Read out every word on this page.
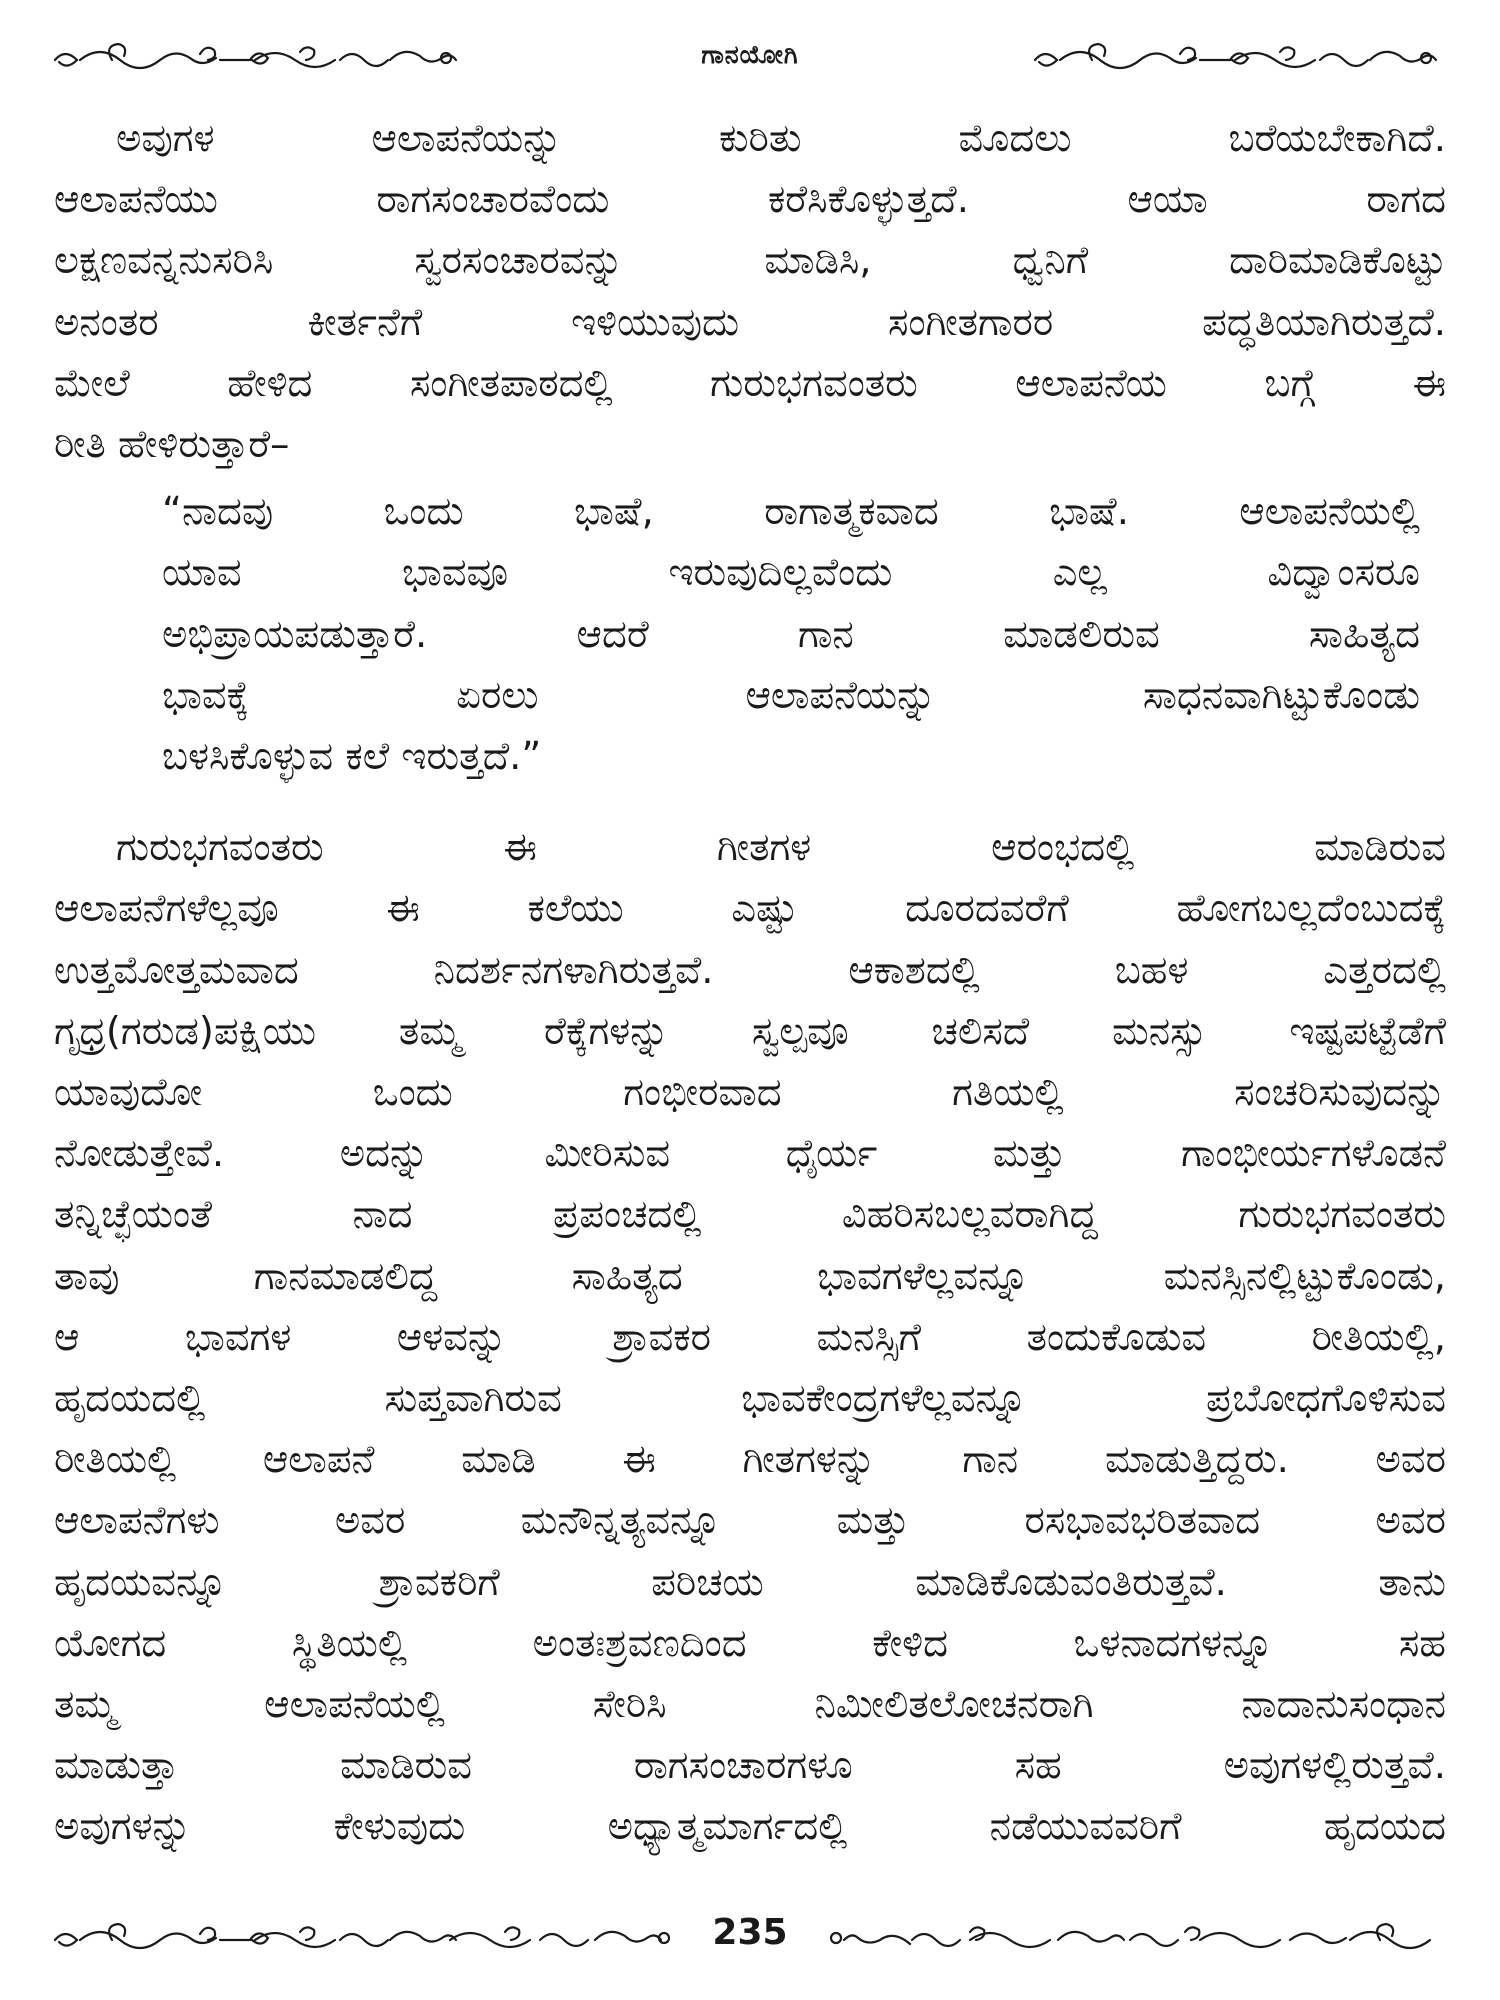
ಗಾನಯೋಗಿ
ಅವುಗಳ ಆಲಾಪನೆಯನ್ನು ಕುರಿತು ಮೊದಲು ಬರೆಯಬೇಕಾಗಿದೆ.
ಆಲಾಪನೆಯು ರಾಗಸಂಚಾರವೆಂದು ಕರೆಸಿಕೊಳ್ಳುತ್ತದೆ. ಆಯಾ ರಾಗದ
ಲಕ್ಷಣವನ್ನನುಸರಿಸಿ ಸ್ವರಸಂಚಾರವನ್ನು ಮಾಡಿಸಿ, ಧ್ವನಿಗೆ ದಾರಿಮಾಡಿಕೊಟ್ಟು
ಅನಂತರ ಕೀರ್ತನೆಗೆ ಇಳಿಯುವುದು ಸಂಗೀತಗಾರರ ಪದ್ಧತಿಯಾಗಿರುತ್ತದೆ.
ಮೇಲೆ ಹೇಳಿದ ಸಂಗೀತಪಾಠದಲ್ಲಿ ಗುರುಭಗವಂತರು ಆಲಾಪನೆಯ ಬಗ್ಗೆ ಈ
ರೀತಿ ಹೇಳಿರುತ್ತಾರೆ–
“ನಾದವು ಒಂದು ಭಾಷೆ, ರಾಗಾತ್ಮಕವಾದ ಭಾಷೆ. ಆಲಾಪನೆಯಲ್ಲಿ
ಯಾವ ಭಾವವೂ ಇರುವುದಿಲ್ಲವೆಂದು ಎಲ್ಲ ವಿದ್ವಾಂಸರೂ
ಅಭಿಪ್ರಾಯಪಡುತ್ತಾರೆ. ಆದರೆ ಗಾನ ಮಾಡಲಿರುವ ಸಾಹಿತ್ಯದ
ಭಾವಕ್ಕೆ ಏರಲು ಆಲಾಪನೆಯನ್ನು ಸಾಧನವಾಗಿಟ್ಟುಕೊಂಡು
ಬಳಸಿಕೊಳ್ಳುವ ಕಲೆ ಇರುತ್ತದೆ.”
ಗುರುಭಗವಂತರು ಈ ಗೀತಗಳ ಆರಂಭದಲ್ಲಿ ಮಾಡಿರುವ
ಆಲಾಪನೆಗಳೆಲ್ಲವೂ ಈ ಕಲೆಯು ಎಷ್ಟು ದೂರದವರೆಗೆ ಹೋಗಬಲ್ಲದೆಂಬುದಕ್ಕೆ
ಉತ್ತಮೋತ್ತಮವಾದ ನಿದರ್ಶನಗಳಾಗಿರುತ್ತವೆ. ಆಕಾಶದಲ್ಲಿ ಬಹಳ ಎತ್ತರದಲ್ಲಿ
ಗೃಧ್ರ(ಗರುಡ)ಪಕ್ಷಿಯು ತಮ್ಮ ರೆಕ್ಕೆಗಳನ್ನು ಸ್ವಲ್ಪವೂ ಚಲಿಸದೆ ಮನಸ್ಸು ಇಷ್ಟಪಟ್ಟೆಡೆಗೆ
ಯಾವುದೋ ಒಂದು ಗಂಭೀರವಾದ ಗತಿಯಲ್ಲಿ ಸಂಚರಿಸುವುದನ್ನು
ನೋಡುತ್ತೇವೆ. ಅದನ್ನು ಮೀರಿಸುವ ಧೈರ್ಯ ಮತ್ತು ಗಾಂಭೀರ್ಯಗಳೊಡನೆ
ತನ್ನಿಚ್ಛೆಯಂತೆ ನಾದ ಪ್ರಪಂಚದಲ್ಲಿ ವಿಹರಿಸಬಲ್ಲವರಾಗಿದ್ದ ಗುರುಭಗವಂತರು
ತಾವು ಗಾನಮಾಡಲಿದ್ದ ಸಾಹಿತ್ಯದ ಭಾವಗಳೆಲ್ಲವನ್ನೂ ಮನಸ್ಸಿನಲ್ಲಿಟ್ಟುಕೊಂಡು,
ಆ ಭಾವಗಳ ಆಳವನ್ನು ಶ್ರಾವಕರ ಮನಸ್ಸಿಗೆ ತಂದುಕೊಡುವ ರೀತಿಯಲ್ಲಿ,
ಹೃದಯದಲ್ಲಿ ಸುಪ್ತವಾಗಿರುವ ಭಾವಕೇಂದ್ರಗಳೆಲ್ಲವನ್ನೂ ಪ್ರಬೋಧಗೊಳಿಸುವ
ರೀತಿಯಲ್ಲಿ ಆಲಾಪನೆ ಮಾಡಿ ಈ ಗೀತಗಳನ್ನು ಗಾನ ಮಾಡುತ್ತಿದ್ದರು. ಅವರ
ಆಲಾಪನೆಗಳು ಅವರ ಮನೌನ್ನತ್ಯವನ್ನೂ ಮತ್ತು ರಸಭಾವಭರಿತವಾದ ಅವರ
ಹೃದಯವನ್ನೂ ಶ್ರಾವಕರಿಗೆ ಪರಿಚಯ ಮಾಡಿಕೊಡುವಂತಿರುತ್ತವೆ. ತಾನು
ಯೋಗದ ಸ್ಥಿತಿಯಲ್ಲಿ ಅಂತಃಶ್ರವಣದಿಂದ ಕೇಳಿದ ಒಳನಾದಗಳನ್ನೂ ಸಹ
ತಮ್ಮ ಆಲಾಪನೆಯಲ್ಲಿ ಸೇರಿಸಿ ನಿಮೀಲಿತಲೋಚನರಾಗಿ ನಾದಾನುಸಂಧಾನ
ಮಾಡುತ್ತಾ ಮಾಡಿರುವ ರಾಗಸಂಚಾರಗಳೂ ಸಹ ಅವುಗಳಲ್ಲಿರುತ್ತವೆ.
ಅವುಗಳನ್ನು ಕೇಳುವುದು ಅಧ್ಯಾತ್ಮಮಾರ್ಗದಲ್ಲಿ ನಡೆಯುವವರಿಗೆ ಹೃದಯದ
235
